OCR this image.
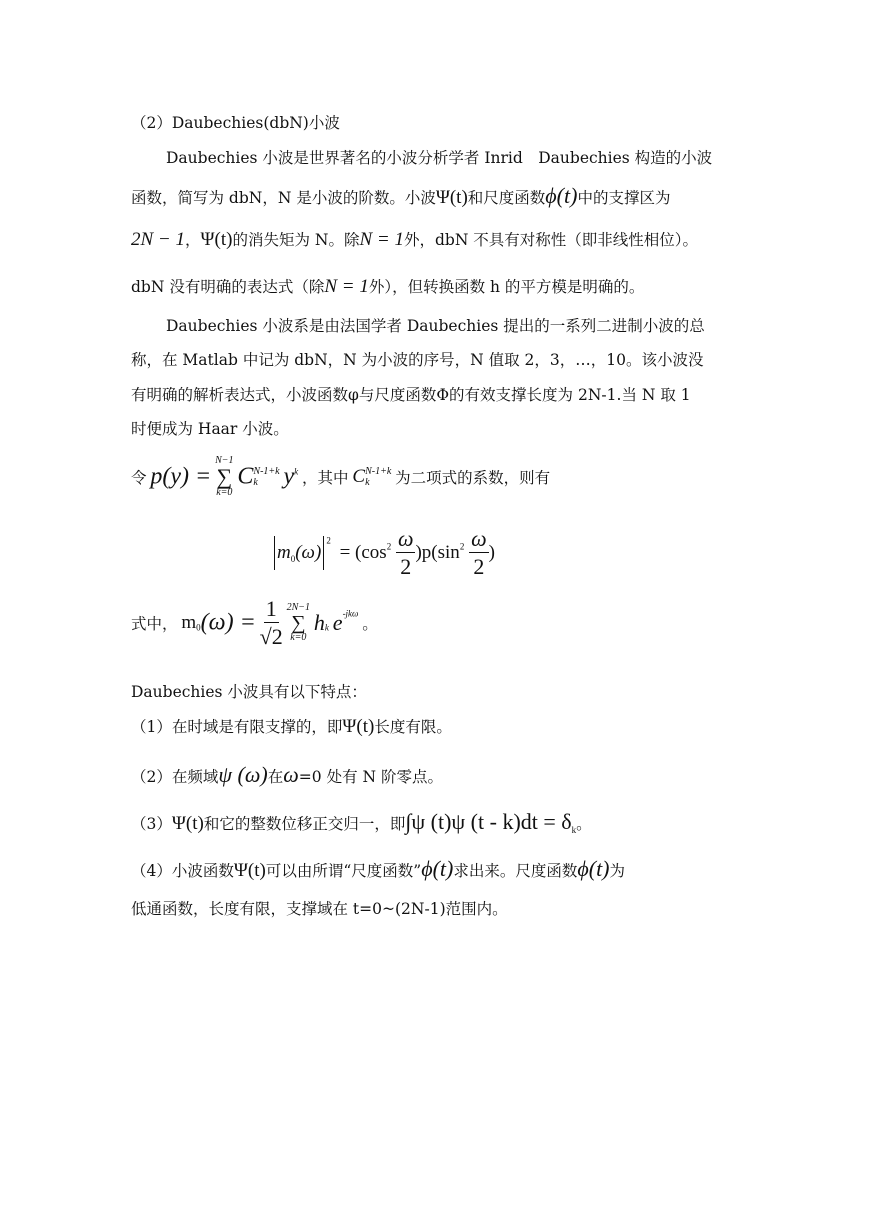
（2）Daubechies(dbN)小波
Daubechies 小波是世界著名的小波分析学者 Inrid　Daubechies 构造的小波
函数，简写为 dbN，N 是小波的阶数。小波Ψ(t)和尺度函数ϕ(t)中的支撑区为
2N − 1，Ψ(t)的消失矩为 N。除N = 1外，dbN 不具有对称性（即非线性相位）。
dbN 没有明确的表达式（除N = 1外），但转换函数 h 的平方模是明确的。
Daubechies 小波系是由法国学者 Daubechies 提出的一系列二进制小波的总
称，在 Matlab 中记为 dbN，N 为小波的序号，N 值取 2，3，…，10。该小波没
有明确的解析表达式，小波函数φ与尺度函数Φ的有效支撑长度为 2N-1.当 N 取 1
时便成为 Haar 小波。
令 p(y) =
N−1
∑
k=0
C N-1+k
k	$y^k$ ，其中 C N-1+k
k	为二项式的系数，则有
$m_0(\omega)^2 = (\cos^2 \frac{\omega}{2} )p(\sin^2 \frac{\omega}{2}$ )
式中， $m_0(\omega) = \frac{1}{√2}$
2N−1
∑
k=0
$h_k$ $e^{-jk\omega}$ 。
Daubechies 小波具有以下特点：
（1）在时域是有限支撑的，即Ψ(t)长度有限。
（2）在频域ψ (ω)在ω=0 处有 N 阶零点。
（3）Ψ(t)和它的整数位移正交归一，即∫ψ (t)ψ $(t - k)dt = \delta_k$。
（4）小波函数Ψ(t)可以由所谓“尺度函数”ϕ(t)求出来。尺度函数ϕ(t)为
低通函数，长度有限，支撑域在 t=0~(2N-1)范围内。
